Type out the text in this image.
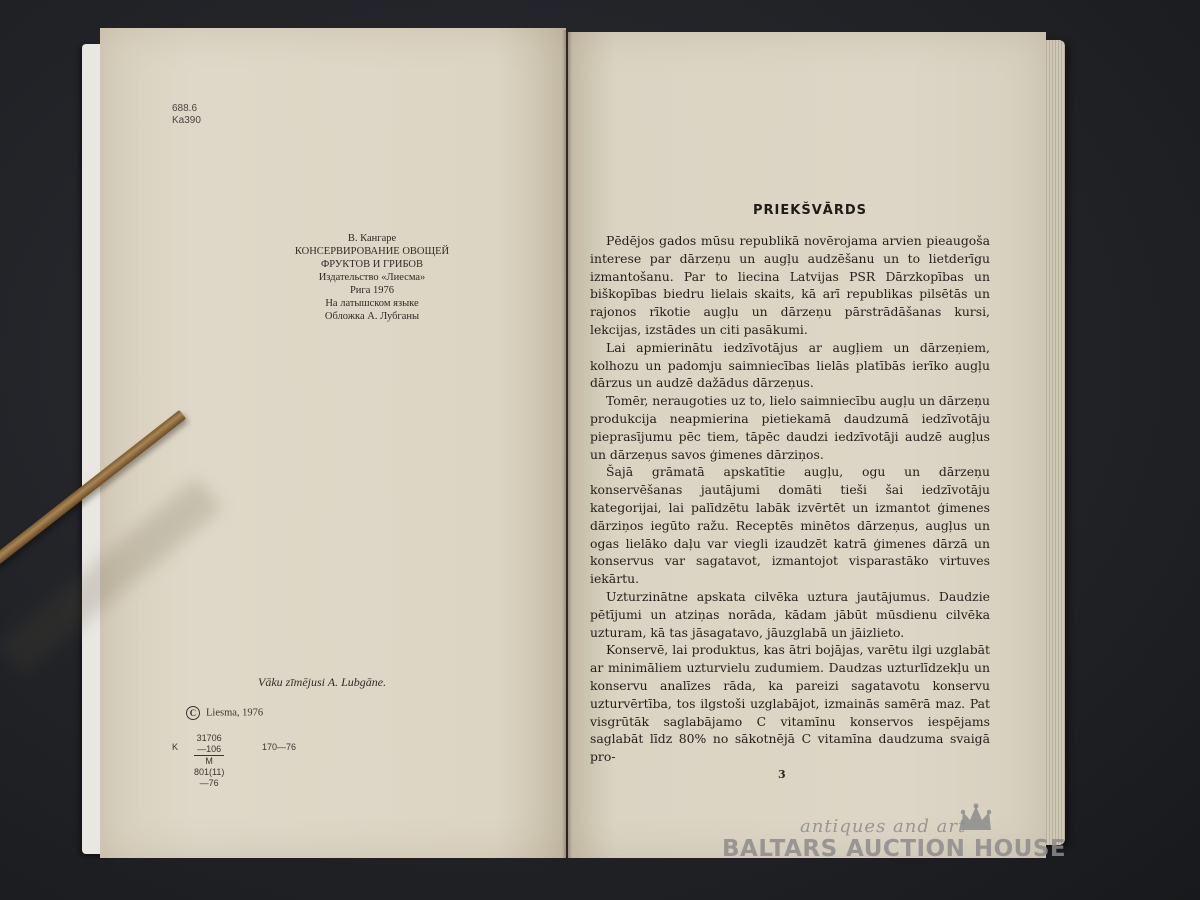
688.6
Ka390
В. Кангаре
КОНСЕРВИРОВАНИЕ ОВОЩЕЙ
ФРУКТОВ И ГРИБОВ
Издательство «Лиесма»
Рига 1976
На латышском языке
Обложка А. Лубганы
Vāku zīmējusi A. Lubgāne.
C Liesma, 1976
K $\frac{31706—106}{M 801(11)—76}$	170—76
PRIEKŠVĀRDS

Pēdējos gados mūsu republikā novērojama arvien pieaugoša interese par dārzeņu un augļu audzēšanu un to lietderīgu izmantošanu. Par to liecina Latvijas PSR Dārzkopības un biškopības biedru lielais skaits, kā arī republikas pilsētās un rajonos rīkotie augļu un dārzeņu pārstrādāšanas kursi, lekcijas, izstādes un citi pasākumi.

Lai apmierinātu iedzīvotājus ar augļiem un dārzeņiem, kolhozu un padomju saimniecības lielās platībās ierīko augļu dārzus un audzē dažādus dārzeņus.

Tomēr, neraugoties uz to, lielo saimniecību augļu un dārzeņu produkcija neapmierina pietiekamā daudzumā iedzīvotāju pieprasījumu pēc tiem, tāpēc daudzi iedzīvotāji audzē augļus un dārzeņus savos ģimenes dārziņos.

Šajā grāmatā apskatītie augļu, ogu un dārzeņu konservēšanas jautājumi domāti tieši šai iedzīvotāju kategorijai, lai palīdzētu labāk izvērtēt un izmantot ģimenes dārziņos iegūto ražu. Receptēs minētos dārzeņus, augļus un ogas lielāko daļu var viegli izaudzēt katrā ģimenes dārzā un konservus var sagatavot, izmantojot visparastāko virtuves iekārtu.

Uzturzinātne apskata cilvēka uztura jautājumus. Daudzie pētījumi un atziņas norāda, kādam jābūt mūsdienu cilvēka uzturam, kā tas jāsagatavo, jāuzglabā un jāizlieto.

Konservē, lai produktus, kas ātri bojājas, varētu ilgi uzglabāt ar minimāliem uzturvielu zudumiem. Daudzas uzturlīdzekļu un konservu analīzes rāda, ka pareizi sagatavotu konservu uzturvērtība, tos ilgstoši uzglabājot, izmainās samērā maz. Pat visgrūtāk saglabājamo C vitamīnu konservos iespējams saglabāt līdz 80% no sākotnējā C vitamīna daudzuma svaigā pro-

3
antiques and art
BALTARS AUCTION HOUSE
